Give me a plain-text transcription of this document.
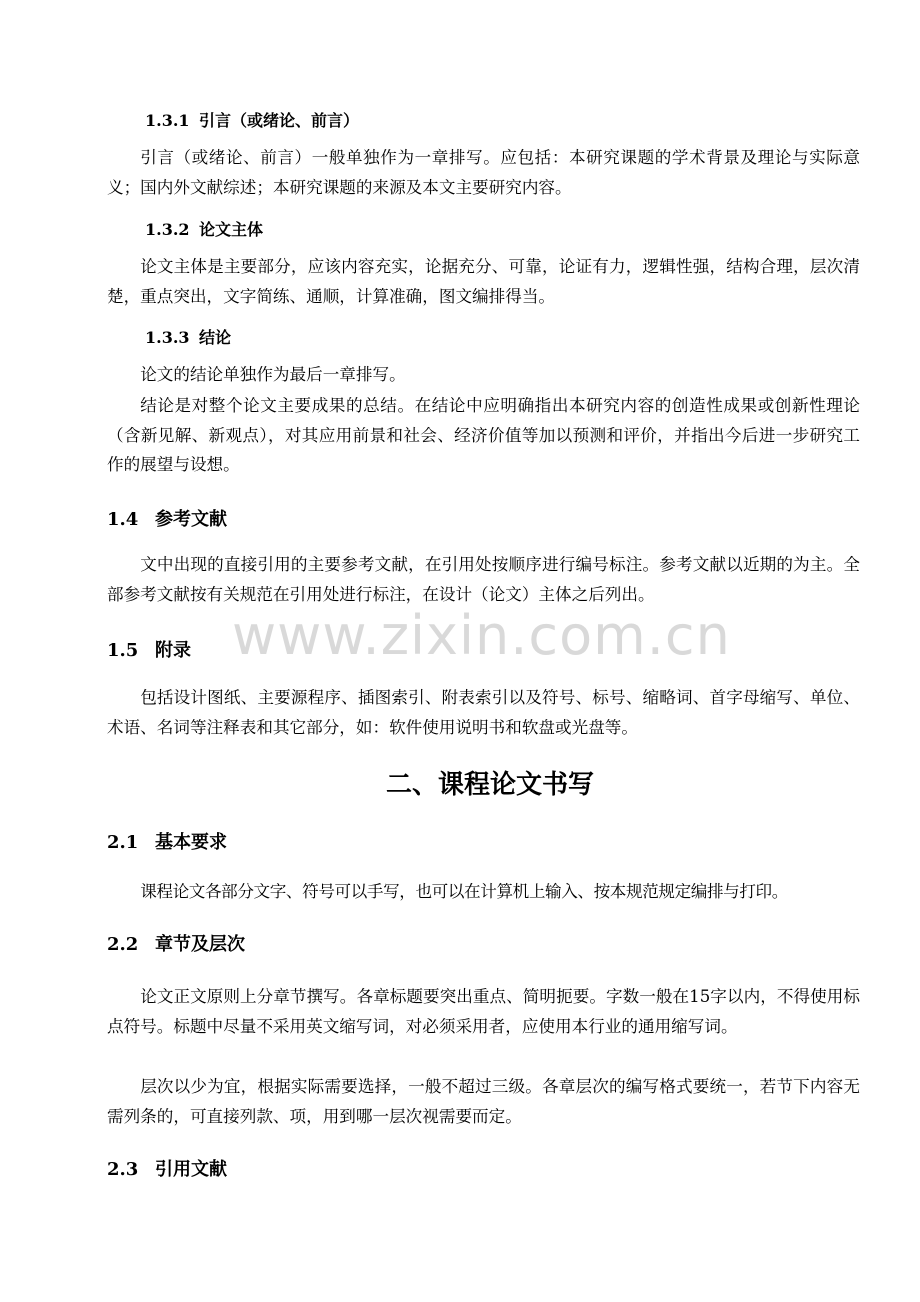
1.3.1 引言（或绪论、前言）

引言（或绪论、前言）一般单独作为一章排写。应包括：本研究课题的学术背景及理论与实际意义；国内外文献综述；本研究课题的来源及本文主要研究内容。

1.3.2 论文主体

论文主体是主要部分，应该内容充实，论据充分、可靠，论证有力，逻辑性强，结构合理，层次清楚，重点突出，文字简练、通顺，计算准确，图文编排得当。

1.3.3 结论

论文的结论单独作为最后一章排写。

结论是对整个论文主要成果的总结。在结论中应明确指出本研究内容的创造性成果或创新性理论（含新见解、新观点），对其应用前景和社会、经济价值等加以预测和评价，并指出今后进一步研究工作的展望与设想。

1.4 参考文献

文中出现的直接引用的主要参考文献，在引用处按顺序进行编号标注。参考文献以近期的为主。全部参考文献按有关规范在引用处进行标注，在设计（论文）主体之后列出。

1.5 附录

包括设计图纸、主要源程序、插图索引、附表索引以及符号、标号、缩略词、首字母缩写、单位、术语、名词等注释表和其它部分，如：软件使用说明书和软盘或光盘等。

二、课程论文书写
2.1 基本要求

课程论文各部分文字、符号可以手写，也可以在计算机上输入、按本规范规定编排与打印。

2.2 章节及层次

论文正文原则上分章节撰写。各章标题要突出重点、简明扼要。字数一般在15字以内，不得使用标点符号。标题中尽量不采用英文缩写词，对必须采用者，应使用本行业的通用缩写词。

层次以少为宜，根据实际需要选择，一般不超过三级。各章层次的编写格式要统一，若节下内容无需列条的，可直接列款、项，用到哪一层次视需要而定。

2.3 引用文献
www.zixin.com.cn
